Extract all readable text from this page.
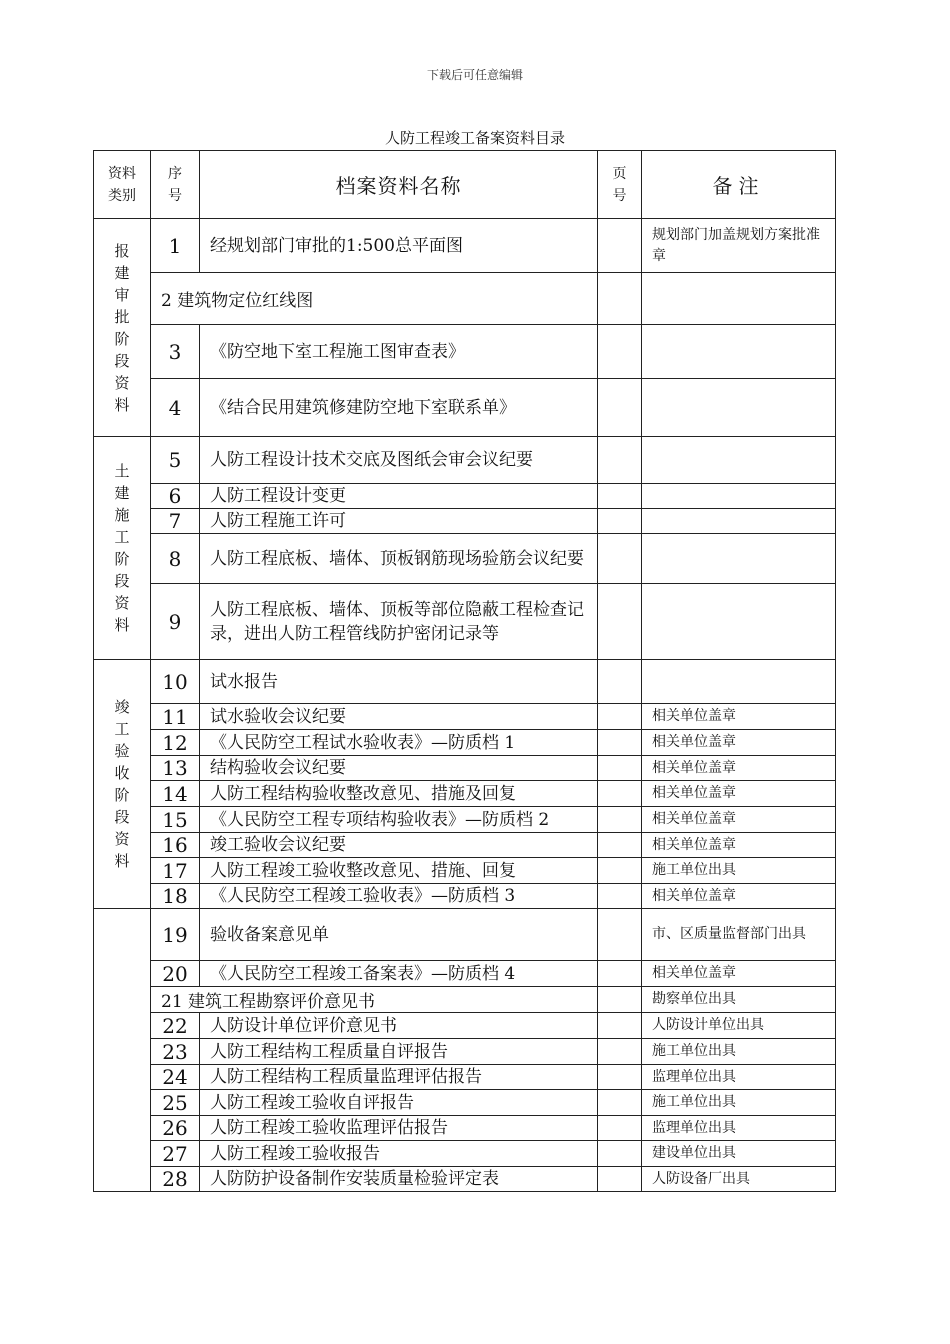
下载后可任意编辑
人防工程竣工备案资料目录
资料类别	序号	档案资料名称	页号	备注
报建审批阶段资料	1	经规划部门审批的1:500总平面图		规划部门加盖规划方案批准章
	2 建筑物定位红线图			
	3	《防空地下室工程施工图审查表》		
	4	《结合民用建筑修建防空地下室联系单》		
土建施工阶段资料	5	人防工程设计技术交底及图纸会审会议纪要		
	6	人防工程设计变更		
	7	人防工程施工许可		
	8	人防工程底板、墙体、顶板钢筋现场验筋会议纪要		
	9	人防工程底板、墙体、顶板等部位隐蔽工程检查记录，进出人防工程管线防护密闭记录等		
竣工验收阶段资料	10	试水报告		
	11	试水验收会议纪要		相关单位盖章
	12	《人民防空工程试水验收表》—防质档 1		相关单位盖章
	13	结构验收会议纪要		相关单位盖章
	14	人防工程结构验收整改意见、措施及回复		相关单位盖章
	15	《人民防空工程专项结构验收表》—防质档 2		相关单位盖章
	16	竣工验收会议纪要		相关单位盖章
	17	人防工程竣工验收整改意见、措施、回复		施工单位出具
	18	《人民防空工程竣工验收表》—防质档 3		相关单位盖章
	19	验收备案意见单		市、区质量监督部门出具
	20	《人民防空工程竣工备案表》—防质档 4		相关单位盖章
	21 建筑工程勘察评价意见书			勘察单位出具
	22	人防设计单位评价意见书		人防设计单位出具
	23	人防工程结构工程质量自评报告		施工单位出具
	24	人防工程结构工程质量监理评估报告		监理单位出具
	25	人防工程竣工验收自评报告		施工单位出具
	26	人防工程竣工验收监理评估报告		监理单位出具
	27	人防工程竣工验收报告		建设单位出具
	28	人防防护设备制作安装质量检验评定表		人防设备厂出具
